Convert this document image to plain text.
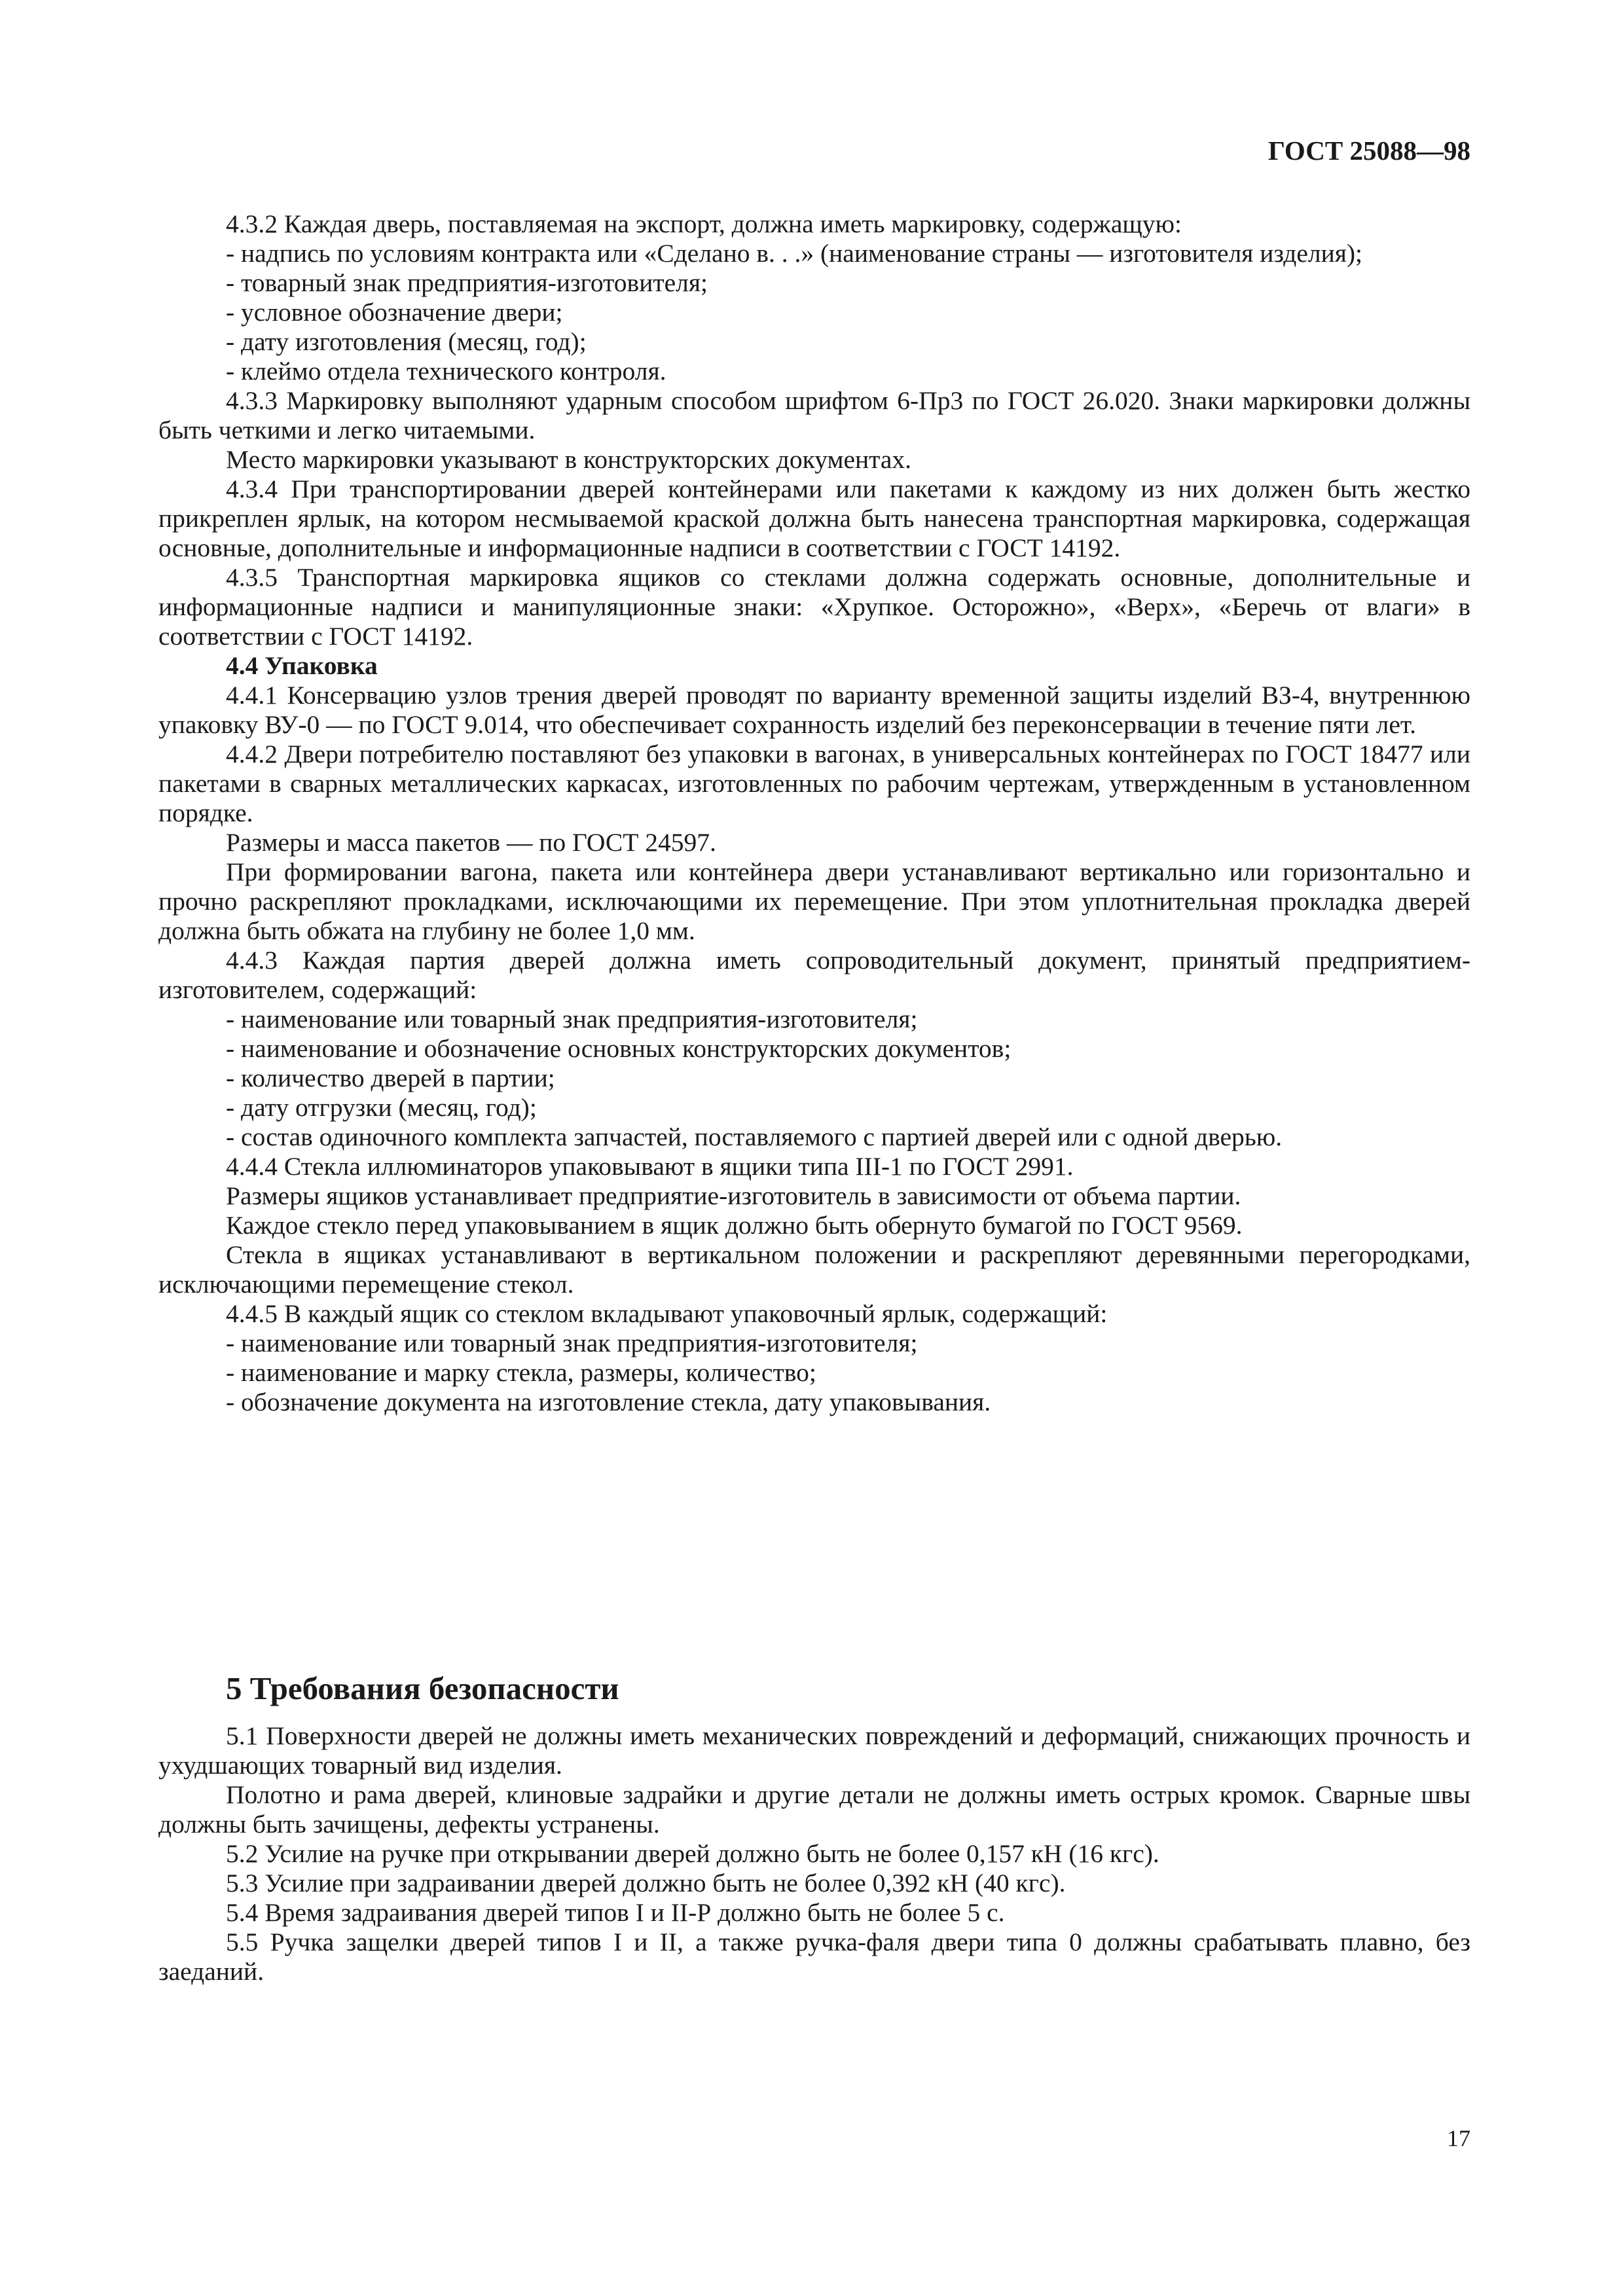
ГОСТ 25088—98

4.3.2 Каждая дверь, поставляемая на экспорт, должна иметь маркировку, содержащую:

- надпись по условиям контракта или «Сделано в. . .» (наименование страны — изготовителя изделия);

- товарный знак предприятия-изготовителя;

- условное обозначение двери;

- дату изготовления (месяц, год);

- клеймо отдела технического контроля.

4.3.3 Маркировку выполняют ударным способом шрифтом 6-Пр3 по ГОСТ 26.020. Знаки маркировки должны быть четкими и легко читаемыми.

Место маркировки указывают в конструкторских документах.

4.3.4 При транспортировании дверей контейнерами или пакетами к каждому из них должен быть жестко прикреплен ярлык, на котором несмываемой краской должна быть нанесена транспортная маркировка, содержащая основные, дополнительные и информационные надписи в соответствии с ГОСТ 14192.

4.3.5 Транспортная маркировка ящиков со стеклами должна содержать основные, дополнительные и информационные надписи и манипуляционные знаки: «Хрупкое. Осторожно», «Верх», «Беречь от влаги» в соответствии с ГОСТ 14192.

4.4 Упаковка

4.4.1 Консервацию узлов трения дверей проводят по варианту временной защиты изделий ВЗ-4, внутреннюю упаковку ВУ-0 — по ГОСТ 9.014, что обеспечивает сохранность изделий без переконсервации в течение пяти лет.

4.4.2 Двери потребителю поставляют без упаковки в вагонах, в универсальных контейнерах по ГОСТ 18477 или пакетами в сварных металлических каркасах, изготовленных по рабочим чертежам, утвержденным в установленном порядке.

Размеры и масса пакетов — по ГОСТ 24597.

При формировании вагона, пакета или контейнера двери устанавливают вертикально или горизонтально и прочно раскрепляют прокладками, исключающими их перемещение. При этом уплотнительная прокладка дверей должна быть обжата на глубину не более 1,0 мм.

4.4.3 Каждая партия дверей должна иметь сопроводительный документ, принятый предприятием-изготовителем, содержащий:

- наименование или товарный знак предприятия-изготовителя;

- наименование и обозначение основных конструкторских документов;

- количество дверей в партии;

- дату отгрузки (месяц, год);

- состав одиночного комплекта запчастей, поставляемого с партией дверей или с одной дверью.

4.4.4 Стекла иллюминаторов упаковывают в ящики типа III-1 по ГОСТ 2991.

Размеры ящиков устанавливает предприятие-изготовитель в зависимости от объема партии.

Каждое стекло перед упаковыванием в ящик должно быть обернуто бумагой по ГОСТ 9569.

Стекла в ящиках устанавливают в вертикальном положении и раскрепляют деревянными перегородками, исключающими перемещение стекол.

4.4.5 В каждый ящик со стеклом вкладывают упаковочный ярлык, содержащий:

- наименование или товарный знак предприятия-изготовителя;

- наименование и марку стекла, размеры, количество;

- обозначение документа на изготовление стекла, дату упаковывания.

5 Требования безопасности

5.1 Поверхности дверей не должны иметь механических повреждений и деформаций, снижающих прочность и ухудшающих товарный вид изделия.

Полотно и рама дверей, клиновые задрайки и другие детали не должны иметь острых кромок. Сварные швы должны быть зачищены, дефекты устранены.

5.2 Усилие на ручке при открывании дверей должно быть не более 0,157 кН (16 кгс).

5.3 Усилие при задраивании дверей должно быть не более 0,392 кН (40 кгс).

5.4 Время задраивания дверей типов I и II-Р должно быть не более 5 с.

5.5 Ручка защелки дверей типов I и II, а также ручка-фаля двери типа 0 должны срабатывать плавно, без заеданий.

17
